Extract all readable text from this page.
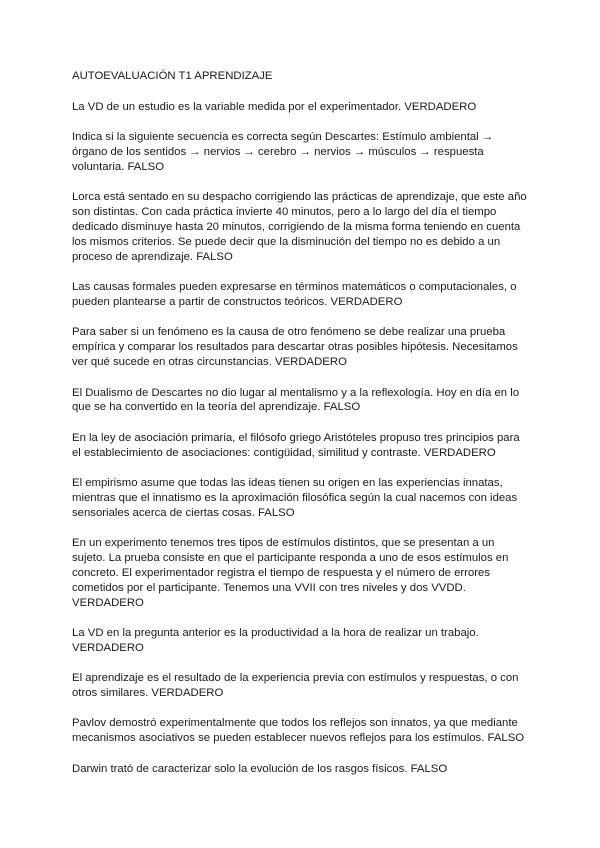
AUTOEVALUACIÓN T1 APRENDIZAJE

La VD de un estudio es la variable medida por el experimentador. VERDADERO

Indica si la siguiente secuencia es correcta según Descartes: Estímulo ambiental → órgano de los sentidos → nervios → cerebro → nervios → músculos → respuesta voluntaria. FALSO

Lorca está sentado en su despacho corrigiendo las prácticas de aprendizaje, que este año son distintas. Con cada práctica invierte 40 minutos, pero a lo largo del día el tiempo dedicado disminuye hasta 20 minutos, corrigiendo de la misma forma teniendo en cuenta los mismos criterios. Se puede decir que la disminución del tiempo no es debido a un proceso de aprendizaje. FALSO

Las causas formales pueden expresarse en términos matemáticos o computacionales, o pueden plantearse a partir de constructos teóricos. VERDADERO

Para saber si un fenómeno es la causa de otro fenómeno se debe realizar una prueba empírica y comparar los resultados para descartar otras posibles hipótesis. Necesitamos ver qué sucede en otras circunstancias. VERDADERO

El Dualismo de Descartes no dio lugar al mentalismo y a la reflexología. Hoy en día en lo que se ha convertido en la teoría del aprendizaje. FALSO

En la ley de asociación primaria, el filósofo griego Aristóteles propuso tres principios para el establecimiento de asociaciones: contigüidad, similitud y contraste. VERDADERO

El empirismo asume que todas las ideas tienen su origen en las experiencias innatas, mientras que el innatismo es la aproximación filosófica según la cual nacemos con ideas sensoriales acerca de ciertas cosas. FALSO

En un experimento tenemos tres tipos de estímulos distintos, que se presentan a un sujeto. La prueba consiste en que el participante responda a uno de esos estímulos en concreto. El experimentador registra el tiempo de respuesta y el número de errores cometidos por el participante. Tenemos una VVII con tres niveles y dos VVDD. VERDADERO

La VD en la pregunta anterior es la productividad a la hora de realizar un trabajo. VERDADERO

El aprendizaje es el resultado de la experiencia previa con estímulos y respuestas, o con otros similares. VERDADERO

Pavlov demostró experimentalmente que todos los reflejos son innatos, ya que mediante mecanismos asociativos se pueden establecer nuevos reflejos para los estímulos. FALSO

Darwin trató de caracterizar solo la evolución de los rasgos físicos. FALSO
